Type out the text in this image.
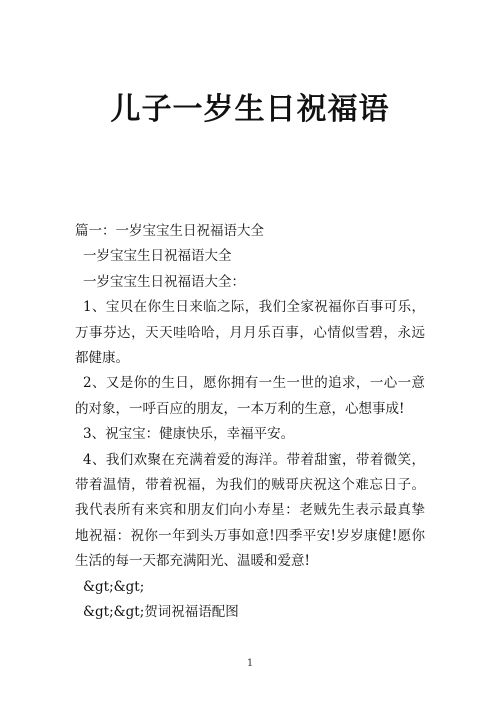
儿子一岁生日祝福语

篇一：一岁宝宝生日祝福语大全

一岁宝宝生日祝福语大全

一岁宝宝生日祝福语大全：

1、宝贝在你生日来临之际，我们全家祝福你百事可乐，万事芬达，天天哇哈哈，月月乐百事，心情似雪碧，永远都健康。

2、又是你的生日，愿你拥有一生一世的追求，一心一意的对象，一呼百应的朋友，一本万利的生意，心想事成!

3、祝宝宝：健康快乐，幸福平安。

4、我们欢聚在充满着爱的海洋。带着甜蜜，带着微笑，带着温情，带着祝福，为我们的贼哥庆祝这个难忘日子。我代表所有来宾和朋友们向小寿星：老贼先生表示最真挚地祝福：祝你一年到头万事如意!四季平安!岁岁康健!愿你生活的每一天都充满阳光、温暖和爱意!

&gt;&gt;

&gt;&gt;贺词祝福语配图

1
